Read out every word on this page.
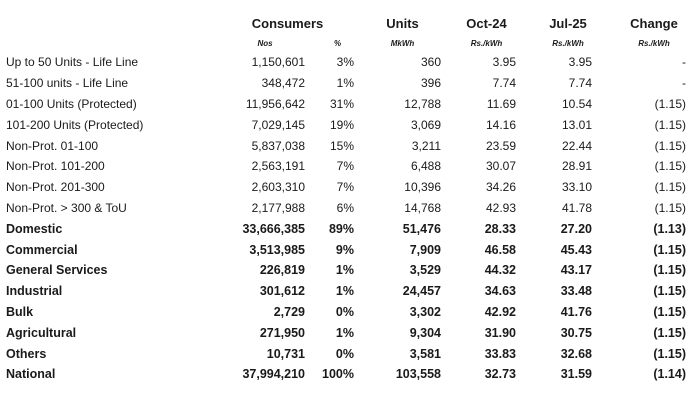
	Consumers		Units	Oct-24	Jul-25	Change
	Nos	%	MkWh	Rs./kWh	Rs./kWh	Rs./kWh
Up to 50 Units - Life Line	1,150,601	3%	360	3.95	3.95	-
51-100 units - Life Line	348,472	1%	396	7.74	7.74	-
01-100 Units (Protected)	11,956,642	31%	12,788	11.69	10.54	(1.15)
101-200 Units (Protected)	7,029,145	19%	3,069	14.16	13.01	(1.15)
Non-Prot. 01-100	5,837,038	15%	3,211	23.59	22.44	(1.15)
Non-Prot. 101-200	2,563,191	7%	6,488	30.07	28.91	(1.15)
Non-Prot. 201-300	2,603,310	7%	10,396	34.26	33.10	(1.15)
Non-Prot. > 300 & ToU	2,177,988	6%	14,768	42.93	41.78	(1.15)
Domestic	33,666,385	89%	51,476	28.33	27.20	(1.13)
Commercial	3,513,985	9%	7,909	46.58	45.43	(1.15)
General Services	226,819	1%	3,529	44.32	43.17	(1.15)
Industrial	301,612	1%	24,457	34.63	33.48	(1.15)
Bulk	2,729	0%	3,302	42.92	41.76	(1.15)
Agricultural	271,950	1%	9,304	31.90	30.75	(1.15)
Others	10,731	0%	3,581	33.83	32.68	(1.15)
National	37,994,210	100%	103,558	32.73	31.59	(1.14)
